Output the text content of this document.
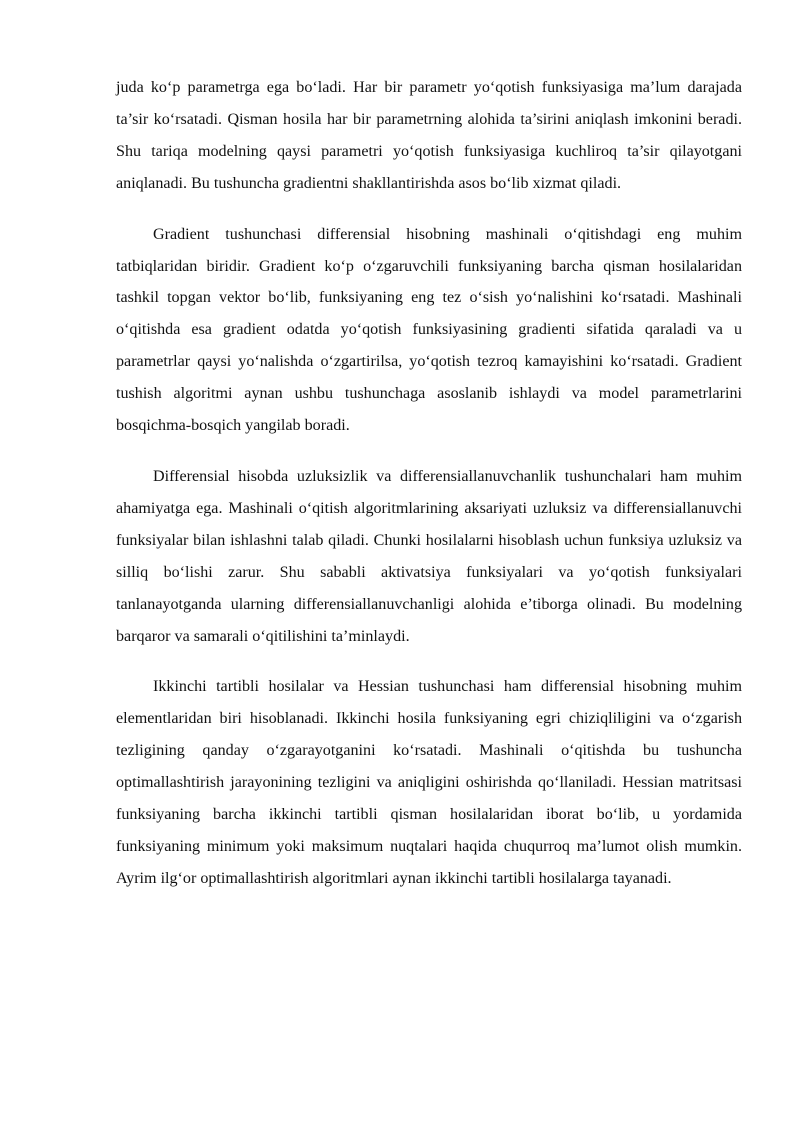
juda ko‘p parametrga ega bo‘ladi. Har bir parametr yo‘qotish funksiyasiga ma’lum darajada ta’sir ko‘rsatadi. Qisman hosila har bir parametrning alohida ta’sirini aniqlash imkonini beradi. Shu tariqa modelning qaysi parametri yo‘qotish funksiyasiga kuchliroq ta’sir qilayotgani aniqlanadi. Bu tushuncha gradientni shakllantirishda asos bo‘lib xizmat qiladi.

Gradient tushunchasi differensial hisobning mashinali o‘qitishdagi eng muhim tatbiqlaridan biridir. Gradient ko‘p o‘zgaruvchili funksiyaning barcha qisman hosilalaridan tashkil topgan vektor bo‘lib, funksiyaning eng tez o‘sish yo‘nalishini ko‘rsatadi. Mashinali o‘qitishda esa gradient odatda yo‘qotish funksiyasining gradienti sifatida qaraladi va u parametrlar qaysi yo‘nalishda o‘zgartirilsa, yo‘qotish tezroq kamayishini ko‘rsatadi. Gradient tushish algoritmi aynan ushbu tushunchaga asoslanib ishlaydi va model parametrlarini bosqichma-bosqich yangilab boradi.

Differensial hisobda uzluksizlik va differensiallanuvchanlik tushunchalari ham muhim ahamiyatga ega. Mashinali o‘qitish algoritmlarining aksariyati uzluksiz va differensiallanuvchi funksiyalar bilan ishlashni talab qiladi. Chunki hosilalarni hisoblash uchun funksiya uzluksiz va silliq bo‘lishi zarur. Shu sababli aktivatsiya funksiyalari va yo‘qotish funksiyalari tanlanayotganda ularning differensiallanuvchanligi alohida e’tiborga olinadi. Bu modelning barqaror va samarali o‘qitilishini ta’minlaydi.

Ikkinchi tartibli hosilalar va Hessian tushunchasi ham differensial hisobning muhim elementlaridan biri hisoblanadi. Ikkinchi hosila funksiyaning egri chiziqliligini va o‘zgarish tezligining qanday o‘zgarayotganini ko‘rsatadi. Mashinali o‘qitishda bu tushuncha optimallashtirish jarayonining tezligini va aniqligini oshirishda qo‘llaniladi. Hessian matritsasi funksiyaning barcha ikkinchi tartibli qisman hosilalaridan iborat bo‘lib, u yordamida funksiyaning minimum yoki maksimum nuqtalari haqida chuqurroq ma’lumot olish mumkin. Ayrim ilg‘or optimallashtirish algoritmlari aynan ikkinchi tartibli hosilalarga tayanadi.
